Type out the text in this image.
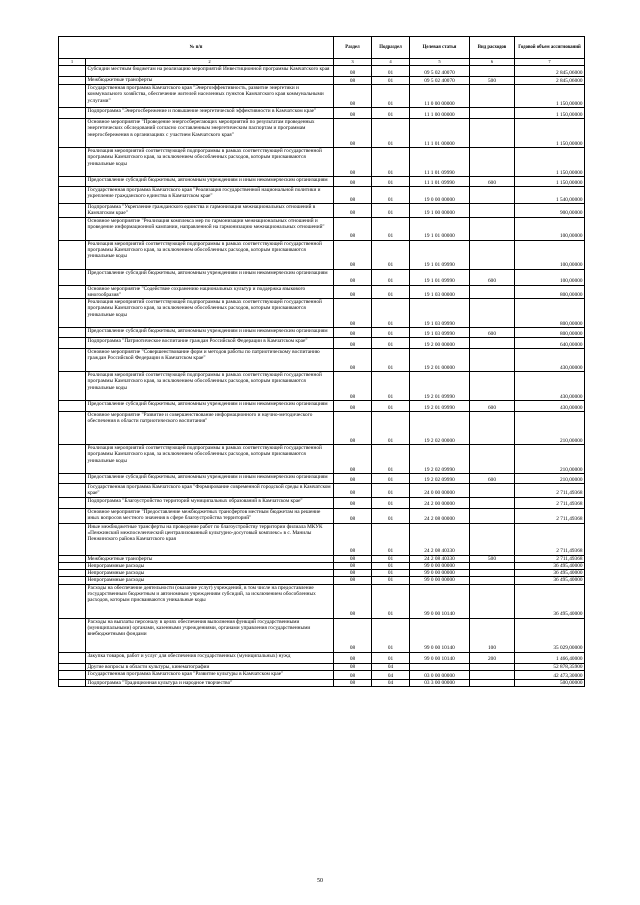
№ п/п		Раздел	Подраздел	Целевая статья	Вид расходов	Годовой объем ассигнований
1	2	3	4	5	6	7
	Субсидии местным бюджетам на реализацию мероприятий Инвестиционной программы Камчатского края	08	01	09 5 02 40070		2 845,06000
	Межбюджетные трансферты	08	01	09 5 02 40070	500	2 845,06000
	Государственная программа Камчатского края "Энергоэффективность, развитие энергетики и коммунального хозяйства, обеспечение жителей населенных пунктов Камчатского края коммунальными услугами"	08	01	11 0 00 00000		1 150,00000
	Подпрограмма "Энергосбережение и повышение энергетической эффективности в Камчатском крае"	08	01	11 1 00 00000		1 150,00000
	Основное мероприятие "Проведение энергосберегающих мероприятий по результатам проведенных энергетических обследований согласно составленным энергетическим паспортам и программам энергосбережения в организациях с участием Камчатского края"	08	01	11 1 01 00000		1 150,00000
	Реализация мероприятий соответствующей подпрограммы в рамках соответствующей государственной программы Камчатского края, за исключением обособленных расходов, которым присваиваются уникальные коды	08	01	11 1 01 09990		1 150,00000
	Предоставление субсидий бюджетным, автономным учреждениям и иным некоммерческим организациям	08	01	11 1 01 09990	600	1 150,00000
	Государственная программа Камчатского края "Реализация государственной национальной политики и укрепление гражданского единства в Камчатском крае"	08	01	19 0 00 00000		1 540,00000
	Подпрограмма "Укрепление гражданского единства и гармонизация межнациональных отношений в Камчатском крае"	08	01	19 1 00 00000		900,00000
	Основное мероприятие "Реализация комплекса мер по гармонизации межнациональных отношений и проведение информационной кампании, направленной на гармонизацию межнациональных отношений"	08	01	19 1 01 00000		100,00000
	Реализация мероприятий соответствующей подпрограммы в рамках соответствующей государственной программы Камчатского края, за исключением обособленных расходов, которым присваиваются уникальные коды	08	01	19 1 01 09990		100,00000
	Предоставление субсидий бюджетным, автономным учреждениям и иным некоммерческим организациям	08	01	19 1 01 09990	600	100,00000
	Основное мероприятие "Содействие сохранению национальных культур и поддержка языкового многообразия"	08	01	19 1 03 00000		800,00000
	Реализация мероприятий соответствующей подпрограммы в рамках соответствующей государственной программы Камчатского края, за исключением обособленных расходов, которым присваиваются уникальные коды	08	01	19 1 03 09990		800,00000
	Предоставление субсидий бюджетным, автономным учреждениям и иным некоммерческим организациям	08	01	19 1 03 09990	600	800,00000
	Подпрограмма "Патриотическое воспитание граждан Российской Федерации в Камчатском крае"	08	01	19 2 00 00000		640,00000
	Основное мероприятие "Совершенствование форм и методов работы по патриотическому воспитанию граждан Российской Федерации в Камчатском крае"	08	01	19 2 01 00000		430,00000
	Реализация мероприятий соответствующей подпрограммы в рамках соответствующей государственной программы Камчатского края, за исключением обособленных расходов, которым присваиваются уникальные коды	08	01	19 2 01 09990		430,00000
	Предоставление субсидий бюджетным, автономным учреждениям и иным некоммерческим организациям	08	01	19 2 01 09990	600	430,00000
	Основное мероприятие "Развитие и совершенствование информационного и научно-методического обеспечения в области патриотического воспитания"	08	01	19 2 02 00000		210,00000
	Реализация мероприятий соответствующей подпрограммы в рамках соответствующей государственной программы Камчатского края, за исключением обособленных расходов, которым присваиваются уникальные коды	08	01	19 2 02 09990		210,00000
	Предоставление субсидий бюджетным, автономным учреждениям и иным некоммерческим организациям	08	01	19 2 02 09990	600	210,00000
	Государственная программа Камчатского края "Формирование современной городской среды в Камчатском крае"	08	01	24 0 00 00000		2 711,49368
	Подпрограмма "Благоустройство территорий муниципальных образований в Камчатском крае"	08	01	24 2 00 00000		2 711,49368
	Основное мероприятие "Предоставление межбюджетных трансфертов местным бюджетам на решение иных вопросов местного значения в сфере благоустройства территорий"	08	01	24 2 08 00000		2 711,49368
	Иные межбюджетные трансферты на проведение работ по благоустройству территории филиала МКУК «Пенжинский межпоселенческий централизованный культурно-досуговый комплекс» в с. Манилы Пенжинского района Камчатского края	08	01	24 2 08 40330		2 711,49368
	Межбюджетные трансферты	08	01	24 2 08 40330	500	2 711,49368
	Непрограммные расходы	08	01	99 0 00 00000		36 495,40000
	Непрограммные расходы	08	01	99 0 00 00000		36 495,40000
	Непрограммные расходы	08	01	99 0 00 00000		36 495,40000
	Расходы на обеспечение деятельности (оказание услуг) учреждений, в том числе на предоставление государственным бюджетным и автономным учреждениям субсидий, за исключением обособленных расходов, которым присваиваются уникальные коды	08	01	99 0 00 10140		36 495,40000
	Расходы на выплаты персоналу в целях обеспечения выполнения функций государственными (муниципальными) органами, казенными учреждениями, органами управления государственными внебюджетными фондами	08	01	99 0 00 10140	100	35 029,00000
	Закупка товаров, работ и услуг для обеспечения государственных (муниципальных) нужд	08	01	99 0 00 10140	200	1 466,40000
	Другие вопросы в области культуры, кинематографии	08	04			52 878,35900
	Государственная программа Камчатского края "Развитие культуры в Камчатском крае"	08	04	03 0 00 00000		42 473,30000
	Подпрограмма "Традиционная культура и народное творчество"	08	04	03 3 00 00000		500,00000
50
